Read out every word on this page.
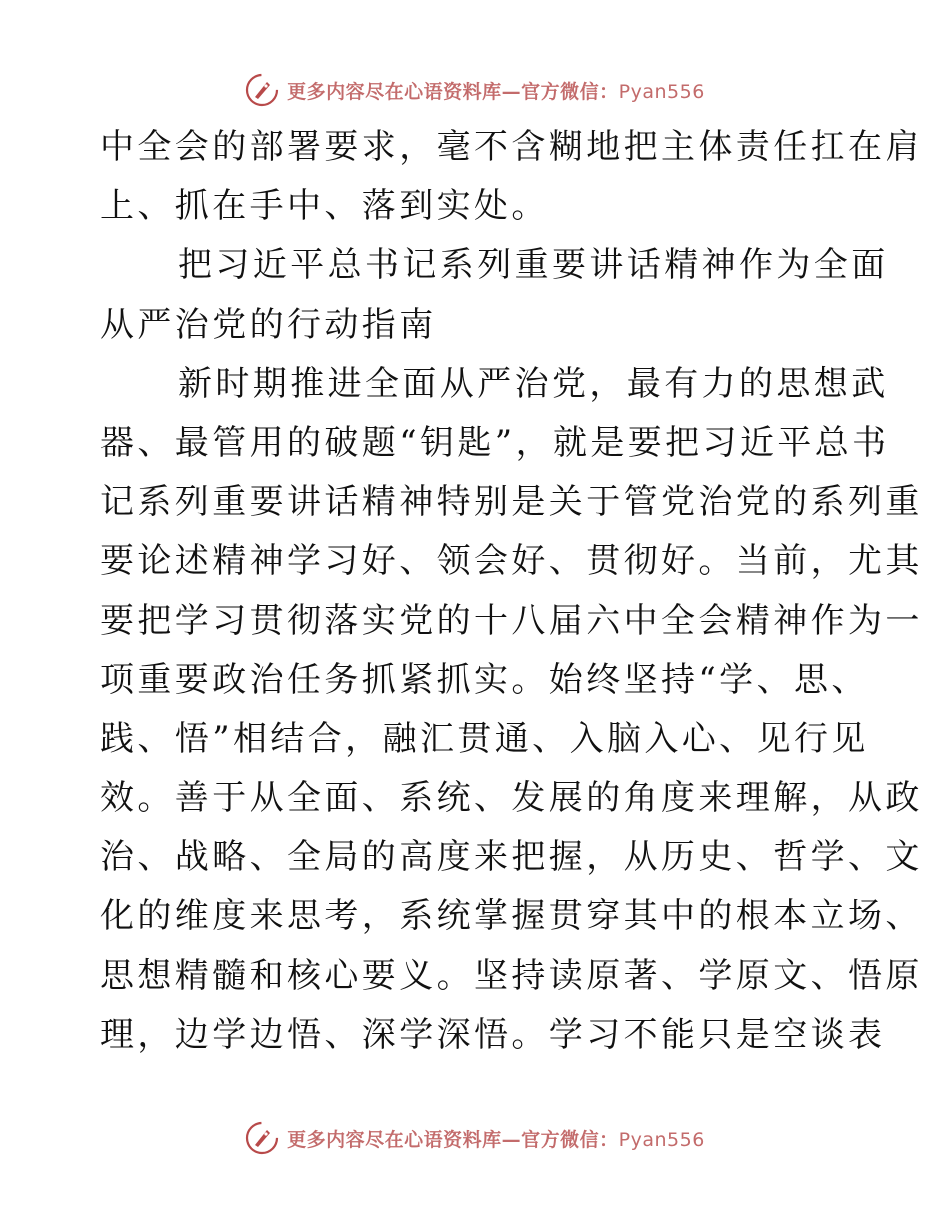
更多内容尽在心语资料库—官方微信：Pyan556
中全会的部署要求，毫不含糊地把主体责任扛在肩
上、抓在手中、落到实处。
把习近平总书记系列重要讲话精神作为全面
从严治党的行动指南
新时期推进全面从严治党，最有力的思想武
器、最管用的破题“钥匙”，就是要把习近平总书
记系列重要讲话精神特别是关于管党治党的系列重
要论述精神学习好、领会好、贯彻好。当前，尤其
要把学习贯彻落实党的十八届六中全会精神作为一
项重要政治任务抓紧抓实。始终坚持“学、思、
践、悟”相结合，融汇贯通、入脑入心、见行见
效。善于从全面、系统、发展的角度来理解，从政
治、战略、全局的高度来把握，从历史、哲学、文
化的维度来思考，系统掌握贯穿其中的根本立场、
思想精髓和核心要义。坚持读原著、学原文、悟原
理，边学边悟、深学深悟。学习不能只是空谈表
更多内容尽在心语资料库—官方微信：Pyan556
